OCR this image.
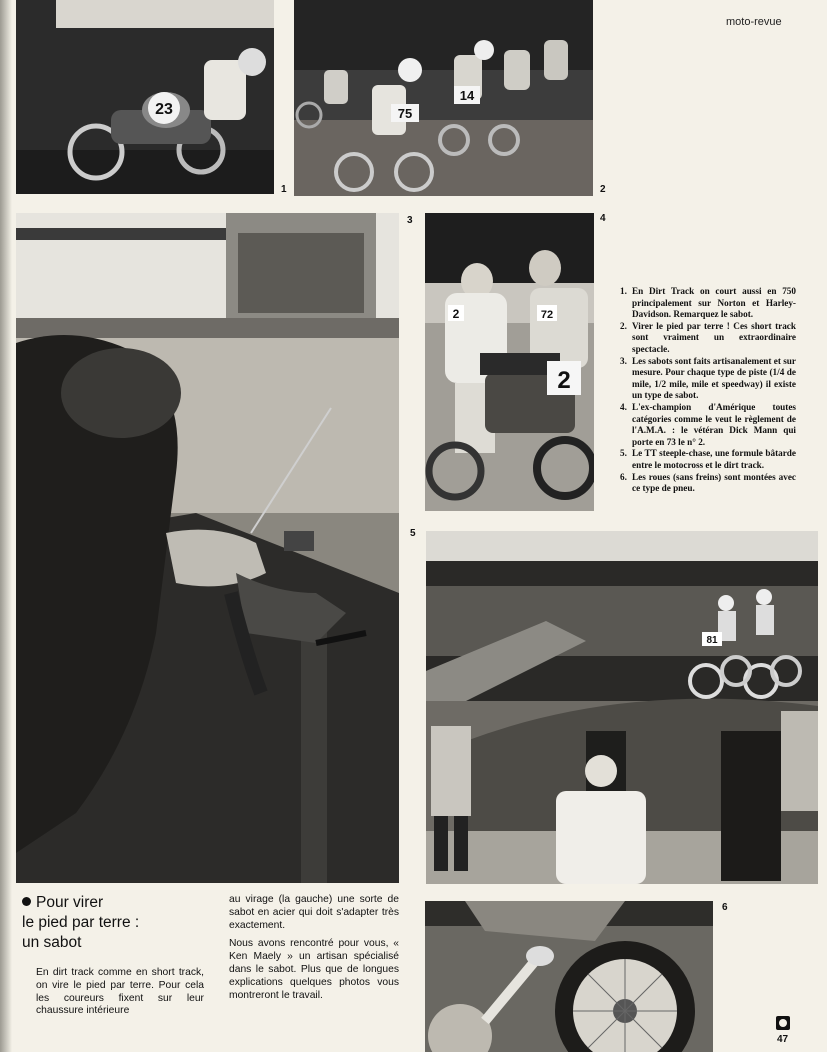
moto-revue
23
1
75
14
2
3
2	72
2
4
1. En Dirt Track on court aussi en 750 principalement sur Norton et Harley-Davidson. Remarquez le sabot.
2. Virer le pied par terre ! Ces short track sont vraiment un extraordinaire spectacle.
3. Les sabots sont faits artisanalement et sur mesure. Pour chaque type de piste (1/4 de mile, 1/2 mile, mile et speedway) il existe un type de sabot.
4. L'ex-champion d'Amérique toutes catégories comme le veut le règlement de l'A.M.A. : le vétéran Dick Mann qui porte en 73 le n° 2.
5. Le TT steeple-chase, une formule bâtarde entre le motocross et le dirt track.
6. Les roues (sans freins) sont montées avec ce type de pneu.
5
81
Pour virer
le pied par terre :
un sabot

En dirt track comme en short track, on vire le pied par terre. Pour cela les coureurs fixent sur leur chaussure intérieure

au virage (la gauche) une sorte de sabot en acier qui doit s'adapter très exactement.

Nous avons rencontré pour vous, « Ken Maely » un artisan spécialisé dans le sabot. Plus que de longues explications quelques photos vous montreront le travail.

6
47
